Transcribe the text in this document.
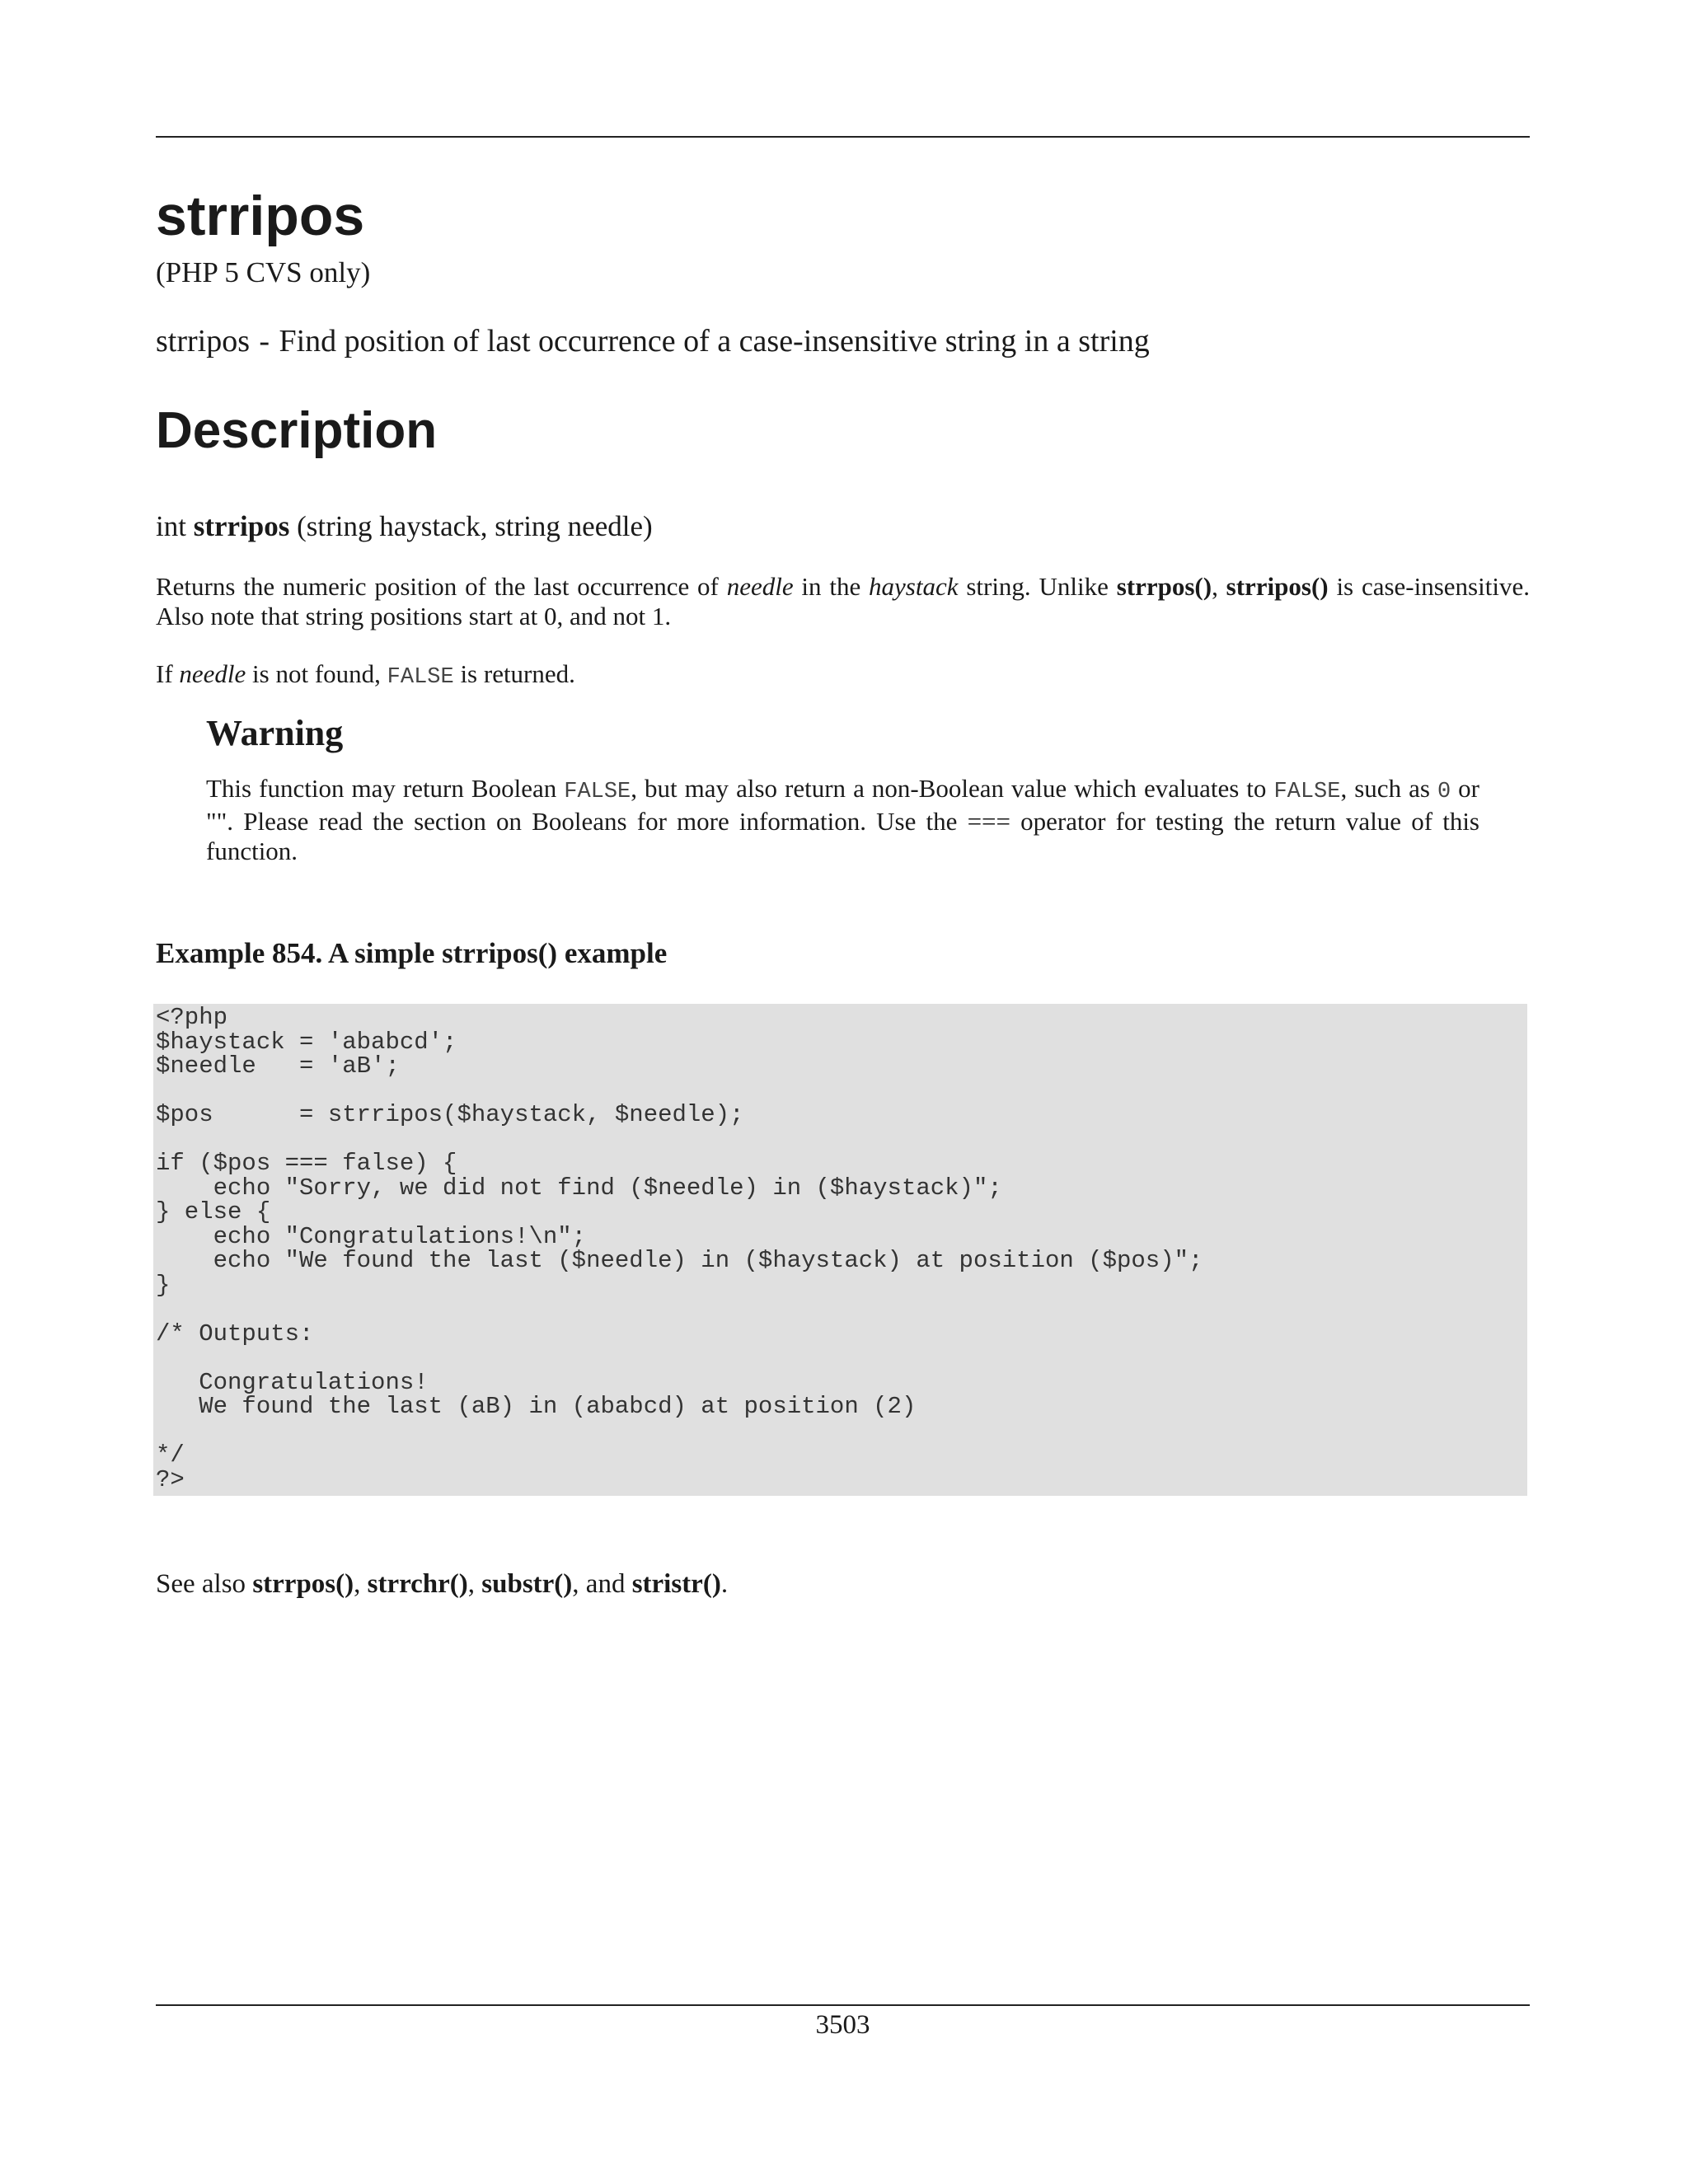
strripos
(PHP 5 CVS only)
strripos - Find position of last occurrence of a case-insensitive string in a string
Description
int strripos (string haystack, string needle)
Returns the numeric position of the last occurrence of needle in the haystack string. Unlike strrpos(), strripos() is case-insensitive. Also note that string positions start at 0, and not 1.
If needle is not found, FALSE is returned.
Warning
This function may return Boolean FALSE, but may also return a non-Boolean value which evaluates to FALSE, such as 0 or "". Please read the section on Booleans for more information. Use the === operator for testing the return value of this function.
Example 854. A simple strripos() example
<?php
$haystack = 'ababcd';
$needle   = 'aB';

$pos      = strripos($haystack, $needle);

if ($pos === false) {
echo "Sorry, we did not find ($needle) in ($haystack)";
} else {
echo "Congratulations!\n";
echo "We found the last ($needle) in ($haystack) at position ($pos)";
}

/* Outputs:

Congratulations!
We found the last (aB) in (ababcd) at position (2)

*/
?>
See also strrpos(), strrchr(), substr(), and stristr().
3503
